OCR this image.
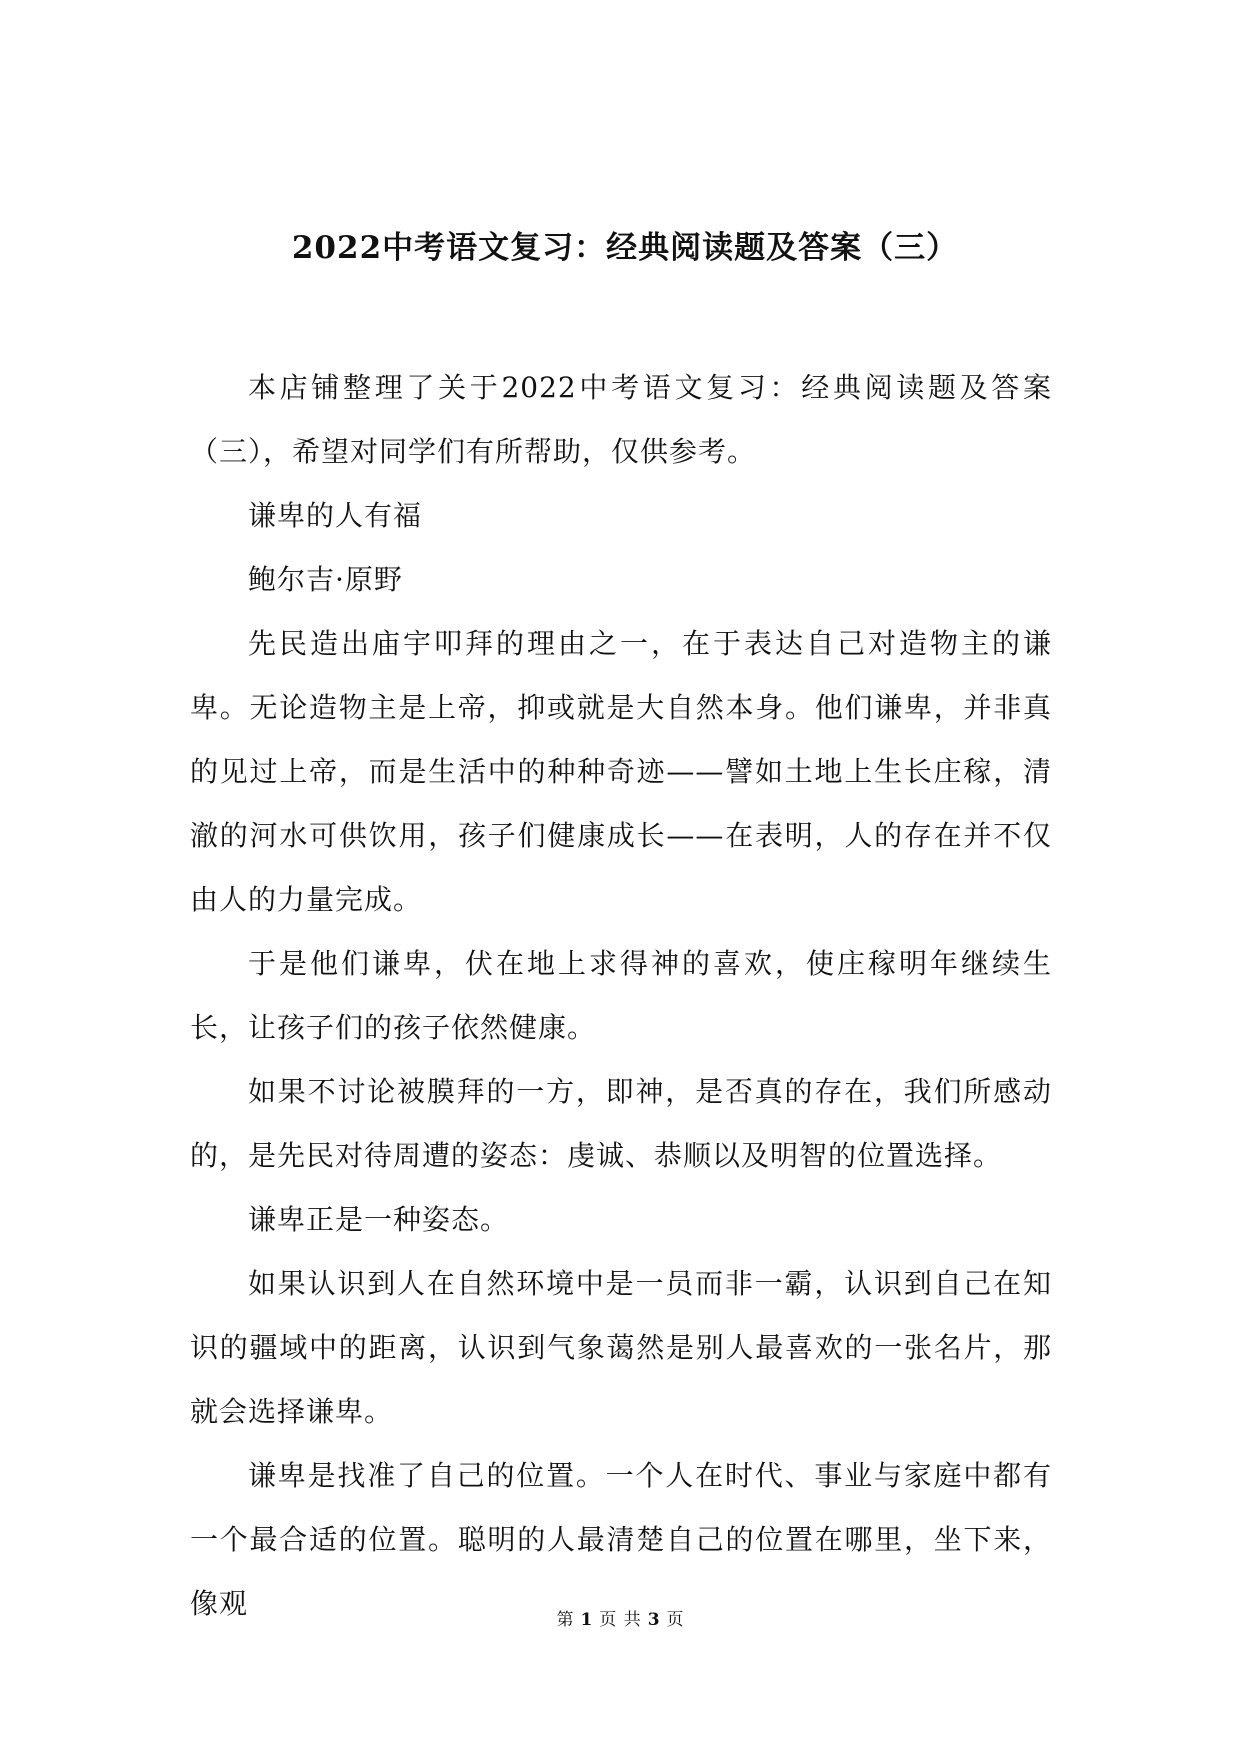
2022中考语文复习：经典阅读题及答案（三）

本店铺整理了关于2022中考语文复习：经典阅读题及答案（三），希望对同学们有所帮助，仅供参考。

谦卑的人有福

鲍尔吉·原野

先民造出庙宇叩拜的理由之一，在于表达自己对造物主的谦卑。无论造物主是上帝，抑或就是大自然本身。他们谦卑，并非真的见过上帝，而是生活中的种种奇迹——譬如土地上生长庄稼，清澈的河水可供饮用，孩子们健康成长——在表明，人的存在并不仅由人的力量完成。

于是他们谦卑，伏在地上求得神的喜欢，使庄稼明年继续生长，让孩子们的孩子依然健康。

如果不讨论被膜拜的一方，即神，是否真的存在，我们所感动的，是先民对待周遭的姿态：虔诚、恭顺以及明智的位置选择。

谦卑正是一种姿态。

如果认识到人在自然环境中是一员而非一霸，认识到自己在知识的疆域中的距离，认识到气象蔼然是别人最喜欢的一张名片，那就会选择谦卑。

谦卑是找准了自己的位置。一个人在时代、事业与家庭中都有一个最合适的位置。聪明的人最清楚自己的位置在哪里，坐下来，像观	第 1 页 共 3 页
